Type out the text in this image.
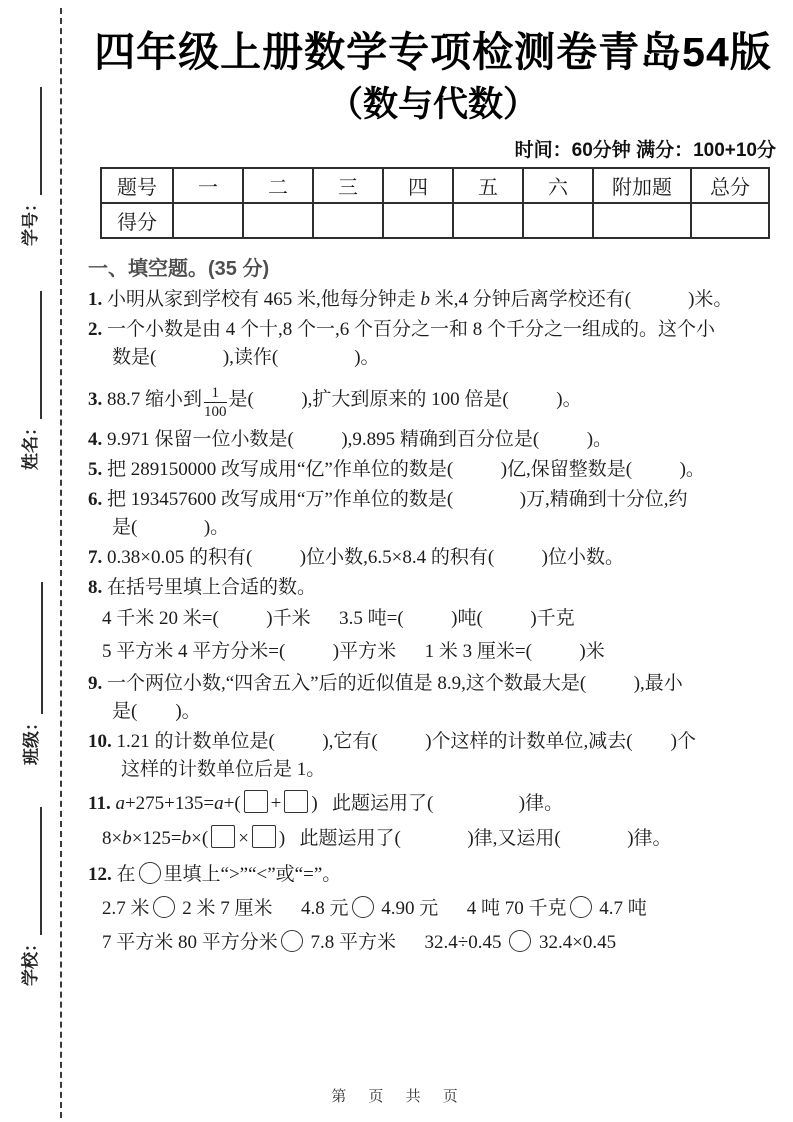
学号：
姓名：
班级：
学校：
四年级上册数学专项检测卷青岛54版
（数与代数）
时间：60分钟 满分：100+10分
题号	一	二	三	四	五	六	附加题	总分
得分								
一、填空题。(35 分)
1. 小明从家到学校有 465 米,他每分钟走 b 米,4 分钟后离学校还有(            )米。
2. 一个小数是由 4 个十,8 个一,6 个百分之一和 8 个千分之一组成的。这个小
数是(              ),读作(                )。
3. 88.7 缩小到 $\frac{1}{100}$ 是(          ),扩大到原来的 100 倍是(          )。
4. 9.971 保留一位小数是(          ),9.895 精确到百分位是(          )。
5. 把 289150000 改写成用“亿”作单位的数是(          )亿,保留整数是(          )。
6. 把 193457600 改写成用“万”作单位的数是(              )万,精确到十分位,约
是(              )。
7. 0.38×0.05 的积有(          )位小数,6.5×8.4 的积有(          )位小数。
8. 在括号里填上合适的数。
4 千米 20 米=(          )千米      3.5 吨=(          )吨(          )千克
5 平方米 4 平方分米=(          )平方米      1 米 3 厘米=(          )米
9. 一个两位小数,“四舍五入”后的近似值是 8.9,这个数最大是(          ),最小
是(        )。
10. 1.21 的计数单位是(          ),它有(          )个这样的计数单位,减去(        )个
这样的计数单位后是 1。
11. a+275+135=a+( + )   此题运用了(                  )律。
8×b×125=b×( × )   此题运用了(              )律,又运用(              )律。
12. 在 里填上“>”“<”或“=”。
2.7 米 2 米 7 厘米      4.8 元 4.90 元      4 吨 70 千克 4.7 吨
7 平方米 80 平方分米 7.8 平方米      32.4÷0.45  32.4×0.45
第 页 共 页
